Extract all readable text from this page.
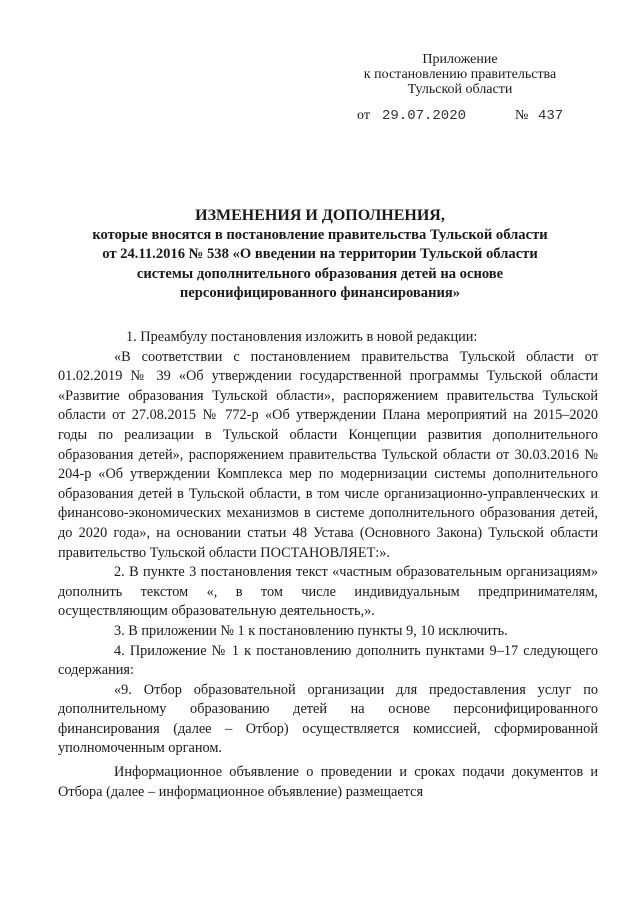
Приложение
к постановлению правительства
Тульской области
от 29.07.2020	№ 437
ИЗМЕНЕНИЯ И ДОПОЛНЕНИЯ,
которые вносятся в постановление правительства Тульской области
от 24.11.2016 № 538 «О введении на территории Тульской области
системы дополнительного образования детей на основе
персонифицированного финансирования»

1. Преамбулу постановления изложить в новой редакции:

«В соответствии с постановлением правительства Тульской области от 01.02.2019 № 39 «Об утверждении государственной программы Тульской области «Развитие образования Тульской области», распоряжением правительства Тульской области от 27.08.2015 № 772-р «Об утверждении Плана мероприятий на 2015–2020 годы по реализации в Тульской области Концепции развития дополнительного образования детей», распоряжением правительства Тульской области от 30.03.2016 № 204-р «Об утверждении Комплекса мер по модернизации системы дополнительного образования детей в Тульской области, в том числе организационно-управленческих и финансово-экономических механизмов в системе дополнительного образования детей, до 2020 года», на основании статьи 48 Устава (Основного Закона) Тульской области правительство Тульской области ПОСТАНОВЛЯЕТ:».

2. В пункте 3 постановления текст «частным образовательным организациям» дополнить текстом «, в том числе индивидуальным предпринимателям, осуществляющим образовательную деятельность,».

3. В приложении № 1 к постановлению пункты 9, 10 исключить.

4. Приложение № 1 к постановлению дополнить пунктами 9–17 следующего содержания:

«9. Отбор образовательной организации для предоставления услуг по дополнительному образованию детей на основе персонифицированного финансирования (далее – Отбор) осуществляется комиссией, сформированной уполномоченным органом.

Информационное объявление о проведении и сроках подачи документов и Отбора (далее – информационное объявление) размещается
